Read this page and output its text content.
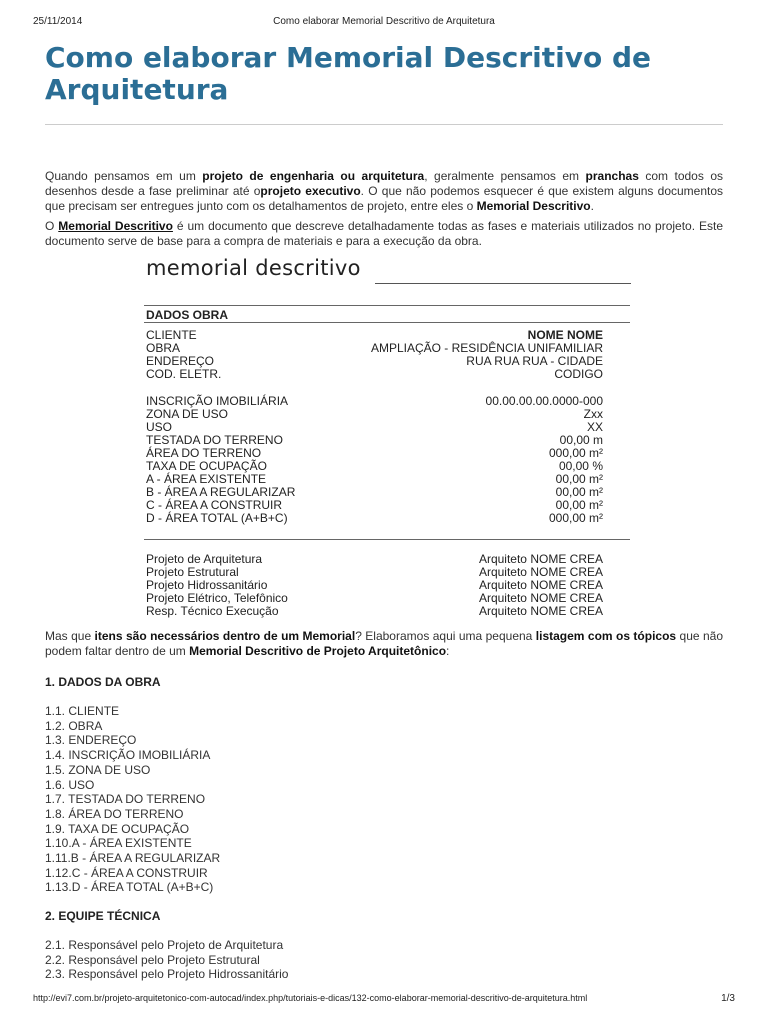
25/11/2014	Como elaborar Memorial Descritivo de Arquitetura
Como elaborar Memorial Descritivo de Arquitetura

Quando pensamos em um projeto de engenharia ou arquitetura, geralmente pensamos em pranchas com todos os desenhos desde a fase preliminar até oprojeto executivo. O que não podemos esquecer é que existem alguns documentos que precisam ser entregues junto com os detalhamentos de projeto, entre eles o Memorial Descritivo.

O Memorial Descritivo é um documento que descreve detalhadamente todas as fases e materiais utilizados no projeto. Este documento serve de base para a compra de materiais e para a execução da obra.

memorial descritivo
DADOS OBRA
CLIENTE	NOME NOME
OBRA	AMPLIAÇÃO - RESIDÊNCIA UNIFAMILIAR
ENDEREÇO	RUA RUA RUA - CIDADE
COD. ELETR.	CODIGO
INSCRIÇÃO IMOBILIÁRIA	00.00.00.00.0000-000
ZONA DE USO	Zxx
USO	XX
TESTADA DO TERRENO	00,00 m
ÁREA DO TERRENO	000,00 m²
TAXA DE OCUPAÇÃO	00,00 %
A - ÁREA EXISTENTE	00,00 m²
B - ÁREA A REGULARIZAR	00,00 m²
C - ÁREA A CONSTRUIR	00,00 m²
D - ÁREA TOTAL (A+B+C)	000,00 m²
Projeto de Arquitetura	Arquiteto NOME CREA
Projeto Estrutural	Arquiteto NOME CREA
Projeto Hidrossanitário	Arquiteto NOME CREA
Projeto Elétrico, Telefônico	Arquiteto NOME CREA
Resp. Técnico Execução	Arquiteto NOME CREA

Mas que itens são necessários dentro de um Memorial? Elaboramos aqui uma pequena listagem com os tópicos que não podem faltar dentro de um Memorial Descritivo de Projeto Arquitetônico:

1. DADOS DA OBRA
1.1. CLIENTE
1.2. OBRA
1.3. ENDEREÇO
1.4. INSCRIÇÃO IMOBILIÁRIA
1.5. ZONA DE USO
1.6. USO
1.7. TESTADA DO TERRENO
1.8. ÁREA DO TERRENO
1.9. TAXA DE OCUPAÇÃO
1.10.A - ÁREA EXISTENTE
1.11.B - ÁREA A REGULARIZAR
1.12.C - ÁREA A CONSTRUIR
1.13.D - ÁREA TOTAL (A+B+C)
2. EQUIPE TÉCNICA
2.1. Responsável pelo Projeto de Arquitetura
2.2. Responsável pelo Projeto Estrutural
2.3. Responsável pelo Projeto Hidrossanitário
http://evi7.com.br/projeto-arquitetonico-com-autocad/index.php/tutoriais-e-dicas/132-como-elaborar-memorial-descritivo-de-arquitetura.html	1/3
